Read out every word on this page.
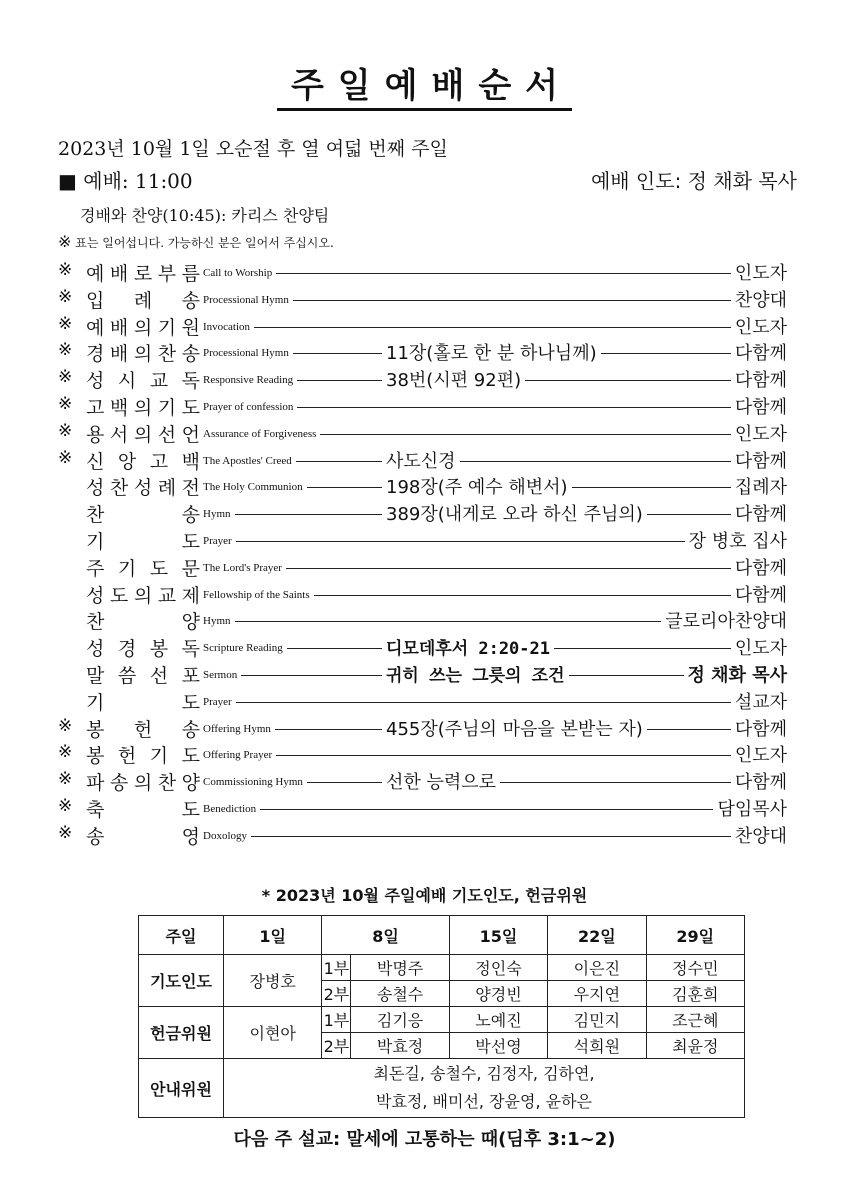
주일예배순서
2023년 10월 1일 오순절 후 열 여덟 번째 주일
■ 예배: 11:00	예배 인도: 정 채화 목사
경배와 찬양(10:45): 카리스 찬양팀
※ 표는 일어섭니다. 가능하신 분은 일어서 주십시오.
※ 예 배 로 부 름 Call to Worship	인도자
※ 입 례 송 Processional Hymn	찬양대
※ 예 배 의 기 원 Invocation	인도자
※ 경 배 의 찬 송 Processional Hymn	11장(홀로 한 분 하나님께)	다함께
※ 성 시 교 독 Responsive Reading	38번(시편 92편)	다함께
※ 고 백 의 기 도 Prayer of confession	다함께
※ 용 서 의 선 언 Assurance of Forgiveness	인도자
※ 신 앙 고 백 The Apostles' Creed	사도신경	다함께
성 찬 성 례 전 The Holy Communion	198장(주 예수 해변서)	집례자
찬	송 Hymn	389장(내게로 오라 하신 주님의)	다함께
기	도 Prayer	장 병호 집사
주 기 도 문 The Lord's Prayer	다함께
성 도 의 교 제 Fellowship of the Saints	다함께
찬	양 Hymn	글로리아찬양대
성 경 봉 독 Scripture Reading	디모데후서 2:20-21	인도자
말 씀 선 포 Sermon	귀히 쓰는 그릇의 조건	정 채화 목사
기	도 Prayer	설교자
※ 봉 헌 송 Offering Hymn	455장(주님의 마음을 본받는 자)	다함께
※ 봉 헌 기 도 Offering Prayer	인도자
※ 파 송 의 찬 양 Commissioning Hymn	선한 능력으로	다함께
※ 축	도 Benediction	담임목사
※ 송	영 Doxology	찬양대
* 2023년 10월 주일예배 기도인도, 헌금위원
주일	1일	8일		15일	22일	29일
기도인도	장병호	1부	박명주	정인숙	이은진	정수민
		2부	송철수	양경빈	우지연	김훈희
헌금위원	이현아	1부	김기응	노예진	김민지	조근혜
		2부	박효정	박선영	석희원	최윤정
안내위원	최돈길, 송철수, 김정자, 김하연,
박효정, 배미선, 장윤영, 윤하은					
다음 주 설교: 말세에 고통하는 때(딤후 3:1~2)
